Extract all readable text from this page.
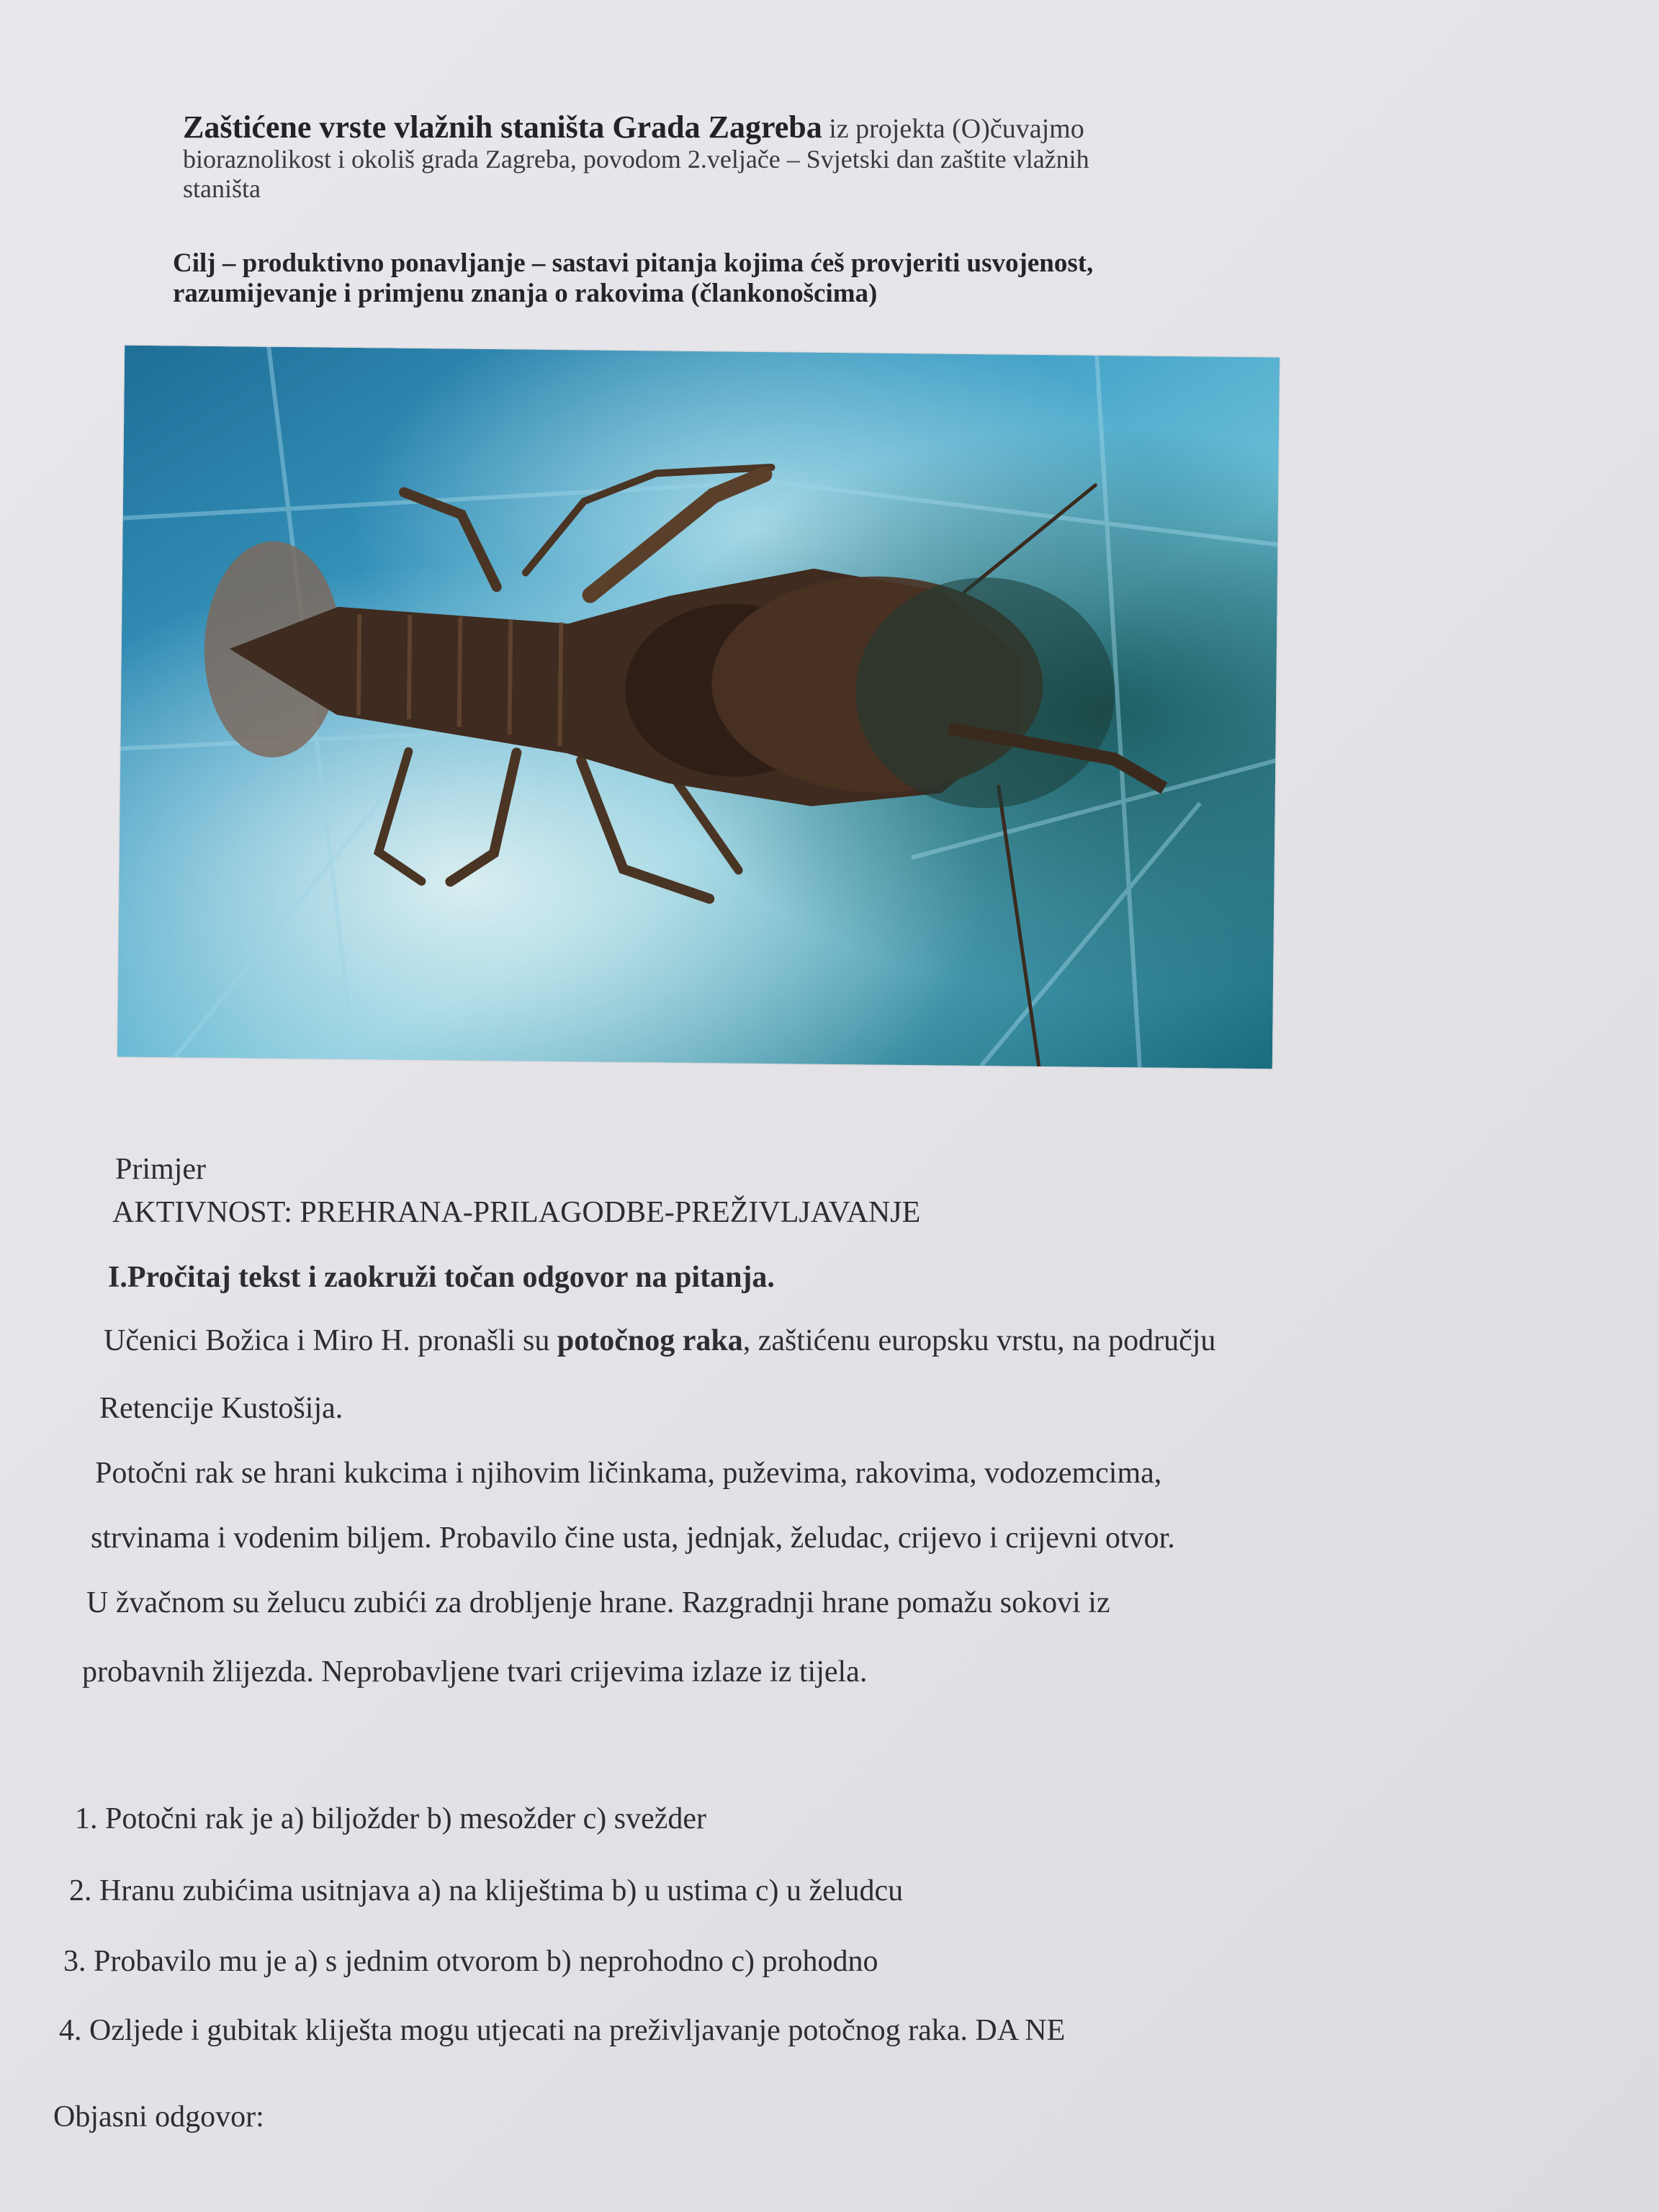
Zaštićene vrste vlažnih staništa Grada Zagreba iz projekta (O)čuvajmo
bioraznolikost i okoliš grada Zagreba, povodom 2.veljače – Svjetski dan zaštite vlažnih
staništa
Cilj – produktivno ponavljanje – sastavi pitanja kojima ćeš provjeriti usvojenost,
razumijevanje i primjenu znanja o rakovima (člankonošcima)
Primjer
AKTIVNOST: PREHRANA-PRILAGODBE-PREŽIVLJAVANJE
I.Pročitaj tekst i zaokruži točan odgovor na pitanja.
Učenici Božica i Miro H. pronašli su potočnog raka, zaštićenu europsku vrstu, na području
Retencije Kustošija.
Potočni rak se hrani kukcima i njihovim ličinkama, puževima, rakovima, vodozemcima,
strvinama i vodenim biljem. Probavilo čine usta, jednjak, želudac, crijevo i crijevni otvor.
U žvačnom su želucu zubići za drobljenje hrane. Razgradnji hrane pomažu sokovi iz
probavnih žlijezda. Neprobavljene tvari crijevima izlaze iz tijela.
1. Potočni rak je a) biljožder b) mesožder c) svežder
2. Hranu zubićima usitnjava a) na kliještima b) u ustima c) u želudcu
3. Probavilo mu je a) s jednim otvorom b) neprohodno c) prohodno
4. Ozljede i gubitak kliješta mogu utjecati na preživljavanje potočnog raka. DA NE
Objasni odgovor:
